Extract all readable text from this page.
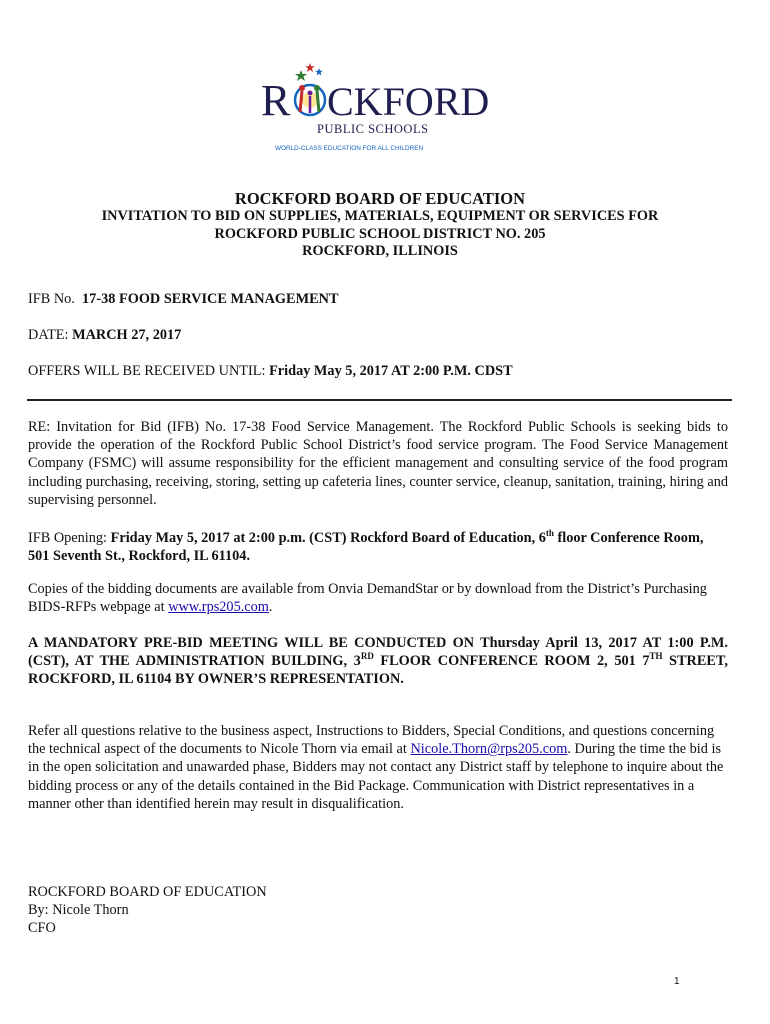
R CKFORD
PUBLIC SCHOOLS
WORLD-CLASS EDUCATION FOR ALL CHILDREN
ROCKFORD BOARD OF EDUCATION
INVITATION TO BID ON SUPPLIES, MATERIALS, EQUIPMENT OR SERVICES FOR
ROCKFORD PUBLIC SCHOOL DISTRICT NO. 205
ROCKFORD, ILLINOIS
IFB No. 17-38 FOOD SERVICE MANAGEMENT
DATE: MARCH 27, 2017
OFFERS WILL BE RECEIVED UNTIL: Friday May 5, 2017 AT 2:00 P.M. CDST
RE: Invitation for Bid (IFB) No. 17-38 Food Service Management. The Rockford Public Schools is seeking bids to provide the operation of the Rockford Public School District’s food service program. The Food Service Management Company (FSMC) will assume responsibility for the efficient management and consulting service of the food program including purchasing, receiving, storing, setting up cafeteria lines, counter service, cleanup, sanitation, training, hiring and supervising personnel.
IFB Opening: Friday May 5, 2017 at 2:00 p.m. (CST) Rockford Board of Education, 6th floor Conference Room, 501 Seventh St., Rockford, IL 61104.
Copies of the bidding documents are available from Onvia DemandStar or by download from the District’s Purchasing BIDS-RFPs webpage at www.rps205.com.
A MANDATORY PRE-BID MEETING WILL BE CONDUCTED ON Thursday April 13, 2017 AT 1:00 P.M. (CST), AT THE ADMINISTRATION BUILDING, 3RD FLOOR CONFERENCE ROOM 2, 501 7TH STREET, ROCKFORD, IL 61104 BY OWNER’S REPRESENTATION.
Refer all questions relative to the business aspect, Instructions to Bidders, Special Conditions, and questions concerning the technical aspect of the documents to Nicole Thorn via email at Nicole.Thorn@rps205.com. During the time the bid is in the open solicitation and unawarded phase, Bidders may not contact any District staff by telephone to inquire about the bidding process or any of the details contained in the Bid Package. Communication with District representatives in a manner other than identified herein may result in disqualification.
ROCKFORD BOARD OF EDUCATION
By: Nicole Thorn
CFO
1
